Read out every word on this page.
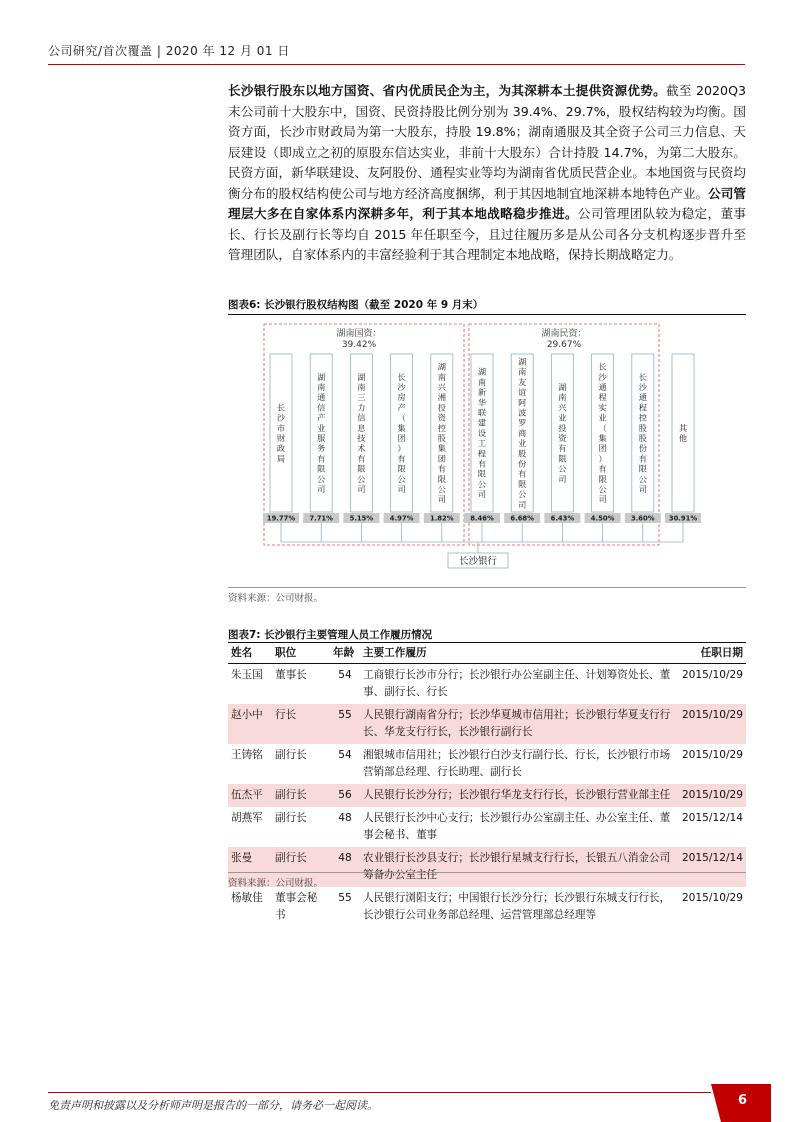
公司研究/首次覆盖 | 2020 年 12 月 01 日
长沙银行股东以地方国资、省内优质民企为主，为其深耕本土提供资源优势。截至 2020Q3 末公司前十大股东中，国资、民资持股比例分别为 39.4%、29.7%，股权结构较为均衡。国资方面，长沙市财政局为第一大股东，持股 19.8%；湖南通服及其全资子公司三力信息、天辰建设（即成立之初的原股东信达实业，非前十大股东）合计持股 14.7%，为第二大股东。民资方面，新华联建设、友阿股份、通程实业等均为湖南省优质民营企业。本地国资与民资均衡分布的股权结构使公司与地方经济高度捆绑，利于其因地制宜地深耕本地特色产业。公司管理层大多在自家体系内深耕多年，利于其本地战略稳步推进。公司管理团队较为稳定，董事长、行长及副行长等均自 2015 年任职至今，且过往履历多是从公司各分支机构逐步晋升至管理团队，自家体系内的丰富经验利于其合理制定本地战略，保持长期战略定力。
图表6: 长沙银行股权结构图（截至 2020 年 9 月末）
湖南国资：
39.42%
湖南民资：
29.67%
长沙市财政局
19.77%
湖南通信产业服务有限公司
7.71%
湖南三力信息技术有限公司
5.15%
长沙房产（集团）有限公司
4.97%
湖南兴湘投资控股集团有限公司
1.82%
湖南新华联建设工程有限公司
8.46%
湖南友谊阿波罗商业股份有限公司
6.68%
湖南兴业投资有限公司
6.43%
长沙通程实业（集团）有限公司
4.50%
长沙通程控股股份有限公司
3.60%
其他
30.91%
长沙银行
资料来源：公司财报。
图表7: 长沙银行主要管理人员工作履历情况
姓名	职位	年龄	主要工作履历	任职日期
朱玉国	董事长	54	工商银行长沙市分行；长沙银行办公室副主任、计划筹资处长、董事、副行长、行长	2015/10/29
赵小中	行长	55	人民银行湖南省分行；长沙华夏城市信用社；长沙银行华夏支行行长、华龙支行行长，长沙银行副行长	2015/10/29
王铸铭	副行长	54	湘银城市信用社；长沙银行白沙支行副行长、行长，长沙银行市场营销部总经理、行长助理、副行长	2015/10/29
伍杰平	副行长	56	人民银行长沙分行；长沙银行华龙支行行长，长沙银行营业部主任	2015/10/29
胡燕军	副行长	48	人民银行长沙中心支行；长沙银行办公室副主任、办公室主任、董事会秘书、董事	2015/12/14
张曼	副行长	48	农业银行长沙县支行；长沙银行星城支行行长，长银五八消金公司筹备办公室主任	2015/12/14
杨敏佳	董事会秘书	55	人民银行浏阳支行；中国银行长沙分行；长沙银行东城支行行长，长沙银行公司业务部总经理、运营管理部总经理等	2015/10/29
资料来源：公司财报。
免责声明和披露以及分析师声明是报告的一部分，请务必一起阅读。	6
